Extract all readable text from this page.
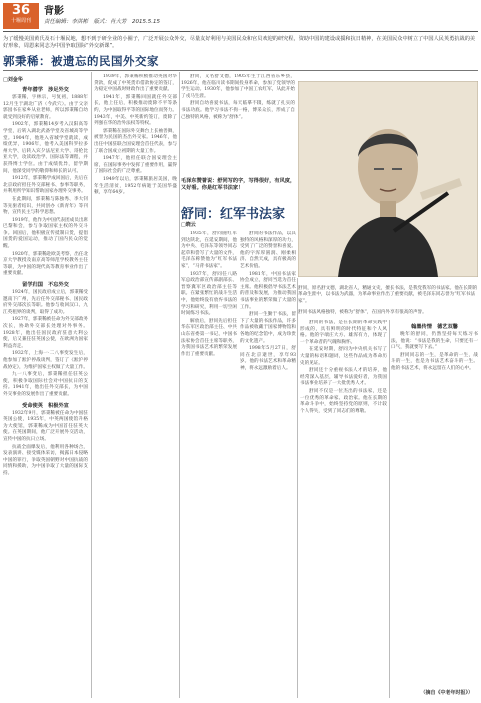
36
十堰周刊
背影
责任编辑：李洪彬　版式：肖大芳　2015.5.15
为了缓慢美国黄氏及石十堰民地，想不到于研全业的小圈子，广泛开展公众外交，尽量友好利用与美国民众和官员欢迎的研究程，资助中国的建设或援和抗日精神，在美国民众中树立了中国人民英勇抗战的美好形象，周恩来同志为中国争取国际“外交新课”。
郭秉稀：被遗忘的民国外交家
□刘金华
青年潜学　涉足外交

郭秉稀，字林宗，号复初，1888年12月生于湖北广济（今武穴）。由于父亲郭园书在家乡从业老师，所以郭秉稀自幼就受到良好的启蒙教育。

1902年，郭秉稀14岁考入汉阳高等学堂，后转入湖北武备学堂及省城高等学堂。1904年，他进入省城学堂就读，成绩优异，1906年，他考入美国科罗拉多州大学、后转入宾夕法尼亚大学、哥伦比亚大学，攻读政治学、国际法等课程，并获得博士学位。由于成绩优异，留学期间，他深受同学的敬仰和师长的认可。

1912年，郭秉稀学成回国后，先后在北京政府担任外交部秘书、参事等职务，并利用所学知识帮助国家办理外交事务。

在此期间，郭秉稀与陈独秀、李大钊等先驱者结识，共同创办《新青年》等刊物，宣传民主与科学思想。

1919年，他作为中国代表团成员出席巴黎和会，参与争取国家主权的外交斗争。回国后，他积极宣传抵制日货，提倡国货的爱国运动，推动了国内民众的觉醒。

1920年，郭秉稀赴欧美考察，出任北京大学教授及南京高等师范学校教务主任等职，为中国的现代高等教育事业作出了重要贡献。

留学归国　不忘外交

1924年，国民政府成立后，郭秉稀受邀南下广州，先后任外交部秘书、国民政府外交部次长等职。他参与收回汉口、九江英租界的谈判，取得了成功。

1927年，郭秉稀被任命为外交部政务次长，协助外交部长处理对外事务。1928年，他出任国民政府驻意大利公使，后又兼任驻英国公使，在欧洲为国家利益奔走。

1932年，上海一·二八事变发生后，他参加了淞沪停战谈判，签订了《淞沪停战协定》，为维护国家主权做了大量工作。

九一八事变后，郭秉稀担任驻英公使，积极争取国际社会对中国抗日的支持。1941年，他出任外交部长，为中国外交事业的发展作出了重要贡献。

受命使英　积极外宣

1932年9月，郭秉稀被任命为中国驻英国公使，1935年，中英两国使馆升格为大使馆，郭秉稀成为中国首任驻英大使。在英国期间，他广泛开展外交活动，宣传中国的抗日立场。

抗战全面爆发后，他利用各种场合，发表演讲、接受媒体采访，揭露日本侵略中国的罪行，争取英国朝野对中国抗战的同情和援助，为中国争取了大量的国际支持。

1939年，郭秉稀积极推动英国对华贷款，促成了中英货币借款协定的签订，为稳定中国战时财政作出了重要贡献。

1941年，郭秉稀回国就任外交部长，他上任后，积极推动废除不平等条约，为中国取得平等的国际地位而努力。1943年，中美、中英新约签订，废除了列强在华的治外法权等特权。

郭秉稀在国际外交舞台上长袖善舞，被誉为民国的杰出外交家。1946年，他出任中国驻联合国安理会首任代表，参与了联合国成立初期的大量工作。

1947年，他担任联合国安理会主席，在国际事务中发挥了重要作用，赢得了国际社会的广泛尊重。

1949年以后，郭秉稀旅居美国，晚年生活清贫，1952年病逝于美国华盛顿，享年64岁。

舒同，又名舒文德，1905年生于江西省东乡县，1926年，他在临川读书期间投身革命，参加了党领导的学生运动。1930年，他参加了中国工农红军，从此开始了戎马生涯。

舒同自幼喜爱书法，每天临摹不辍，练就了扎实的书法功底。他学习书法不拘一格，博采众长，形成了自己独特的风格，被称为“舒体”。

毛泽东赞誉说：舒同写的字，写得很好，有风度，又好看。你是红军书法家！
舒同：红军书法家
□晓云

1935年，舒同随红军到达陕北，在延安期间，他为中央、毛泽东等领导同志起草和誊写了大量的文件，毛泽东称赞他为“红军书法家”，“马背书法家”。

1937年，舒同任八路军总政治部宣传部副部长、晋察冀军区政治部主任等职。在紧张繁忙的战斗生活中，他始终没有放弃书法的学习和研究，利用一切空闲时间练习书法。

解放后，舒同先后担任华东军区政治部主任、中共山东省委第一书记、中国书法家协会首任主席等职务，为我国书法艺术的繁荣发展作出了重要贡献。

舒同的书法作品，以其独特的风格和深厚的功力，受到了广泛的赞誉和喜爱。他的字浑厚圆润、刚柔相济、自然天成，具有极高的艺术价值。

1981年，中国书法家协会成立，舒同当选为首任主席。他积极倡导书法艺术的普及和发展，为推动我国书法事业的繁荣做了大量的工作。

舒同一生勤于书法，留下了大量的书法作品，许多作品被收藏于国家博物馆和各地的纪念馆中，成为珍贵的文化遗产。

1998年5月27日，舒同在北京逝世，享年93岁。他的书法艺术和革命精神，将永远激励着后人。

舒同，原名舒文德，湖北省人，精通文史，擅长书法，是我党我军的书法家。他在长期的革命生涯中，以书法为武器，为革命事业作出了重要贡献，被毛泽东同志誉为“红军书法家”。

舒同书法风格独特，被称为“舒体”，在国内外享有很高的声誉。

舒同的书法，是在长期的革命实践中形成的，具有鲜明的时代特征和个人风格。他的字端庄大方、雄浑有力，体现了一个革命者的气魄和胸怀。

在延安时期，舒同为中央机关书写了大量的标语和题词，这些作品成为革命历史的见证。

舒同还十分重视书法人才的培养，他经常深入基层，辅导书法爱好者，为我国书法事业培养了一大批优秀人才。

舒同不仅是一位杰出的书法家，还是一位优秀的革命家、政治家。他在长期的革命斗争中，始终坚持党的原则，不计较个人得失，受到了同志们的尊敬。

翰墨传情　德艺双馨

晚年的舒同，仍然坚持每天练习书法，他说：“书法是我的生命，只要还有一口气，我就要写下去。”

舒同同志的一生，是革命的一生，战斗的一生，也是为书法艺术奋斗的一生。他的书法艺术，将永远留在人们的心中。

（摘自《中老年时报》）
